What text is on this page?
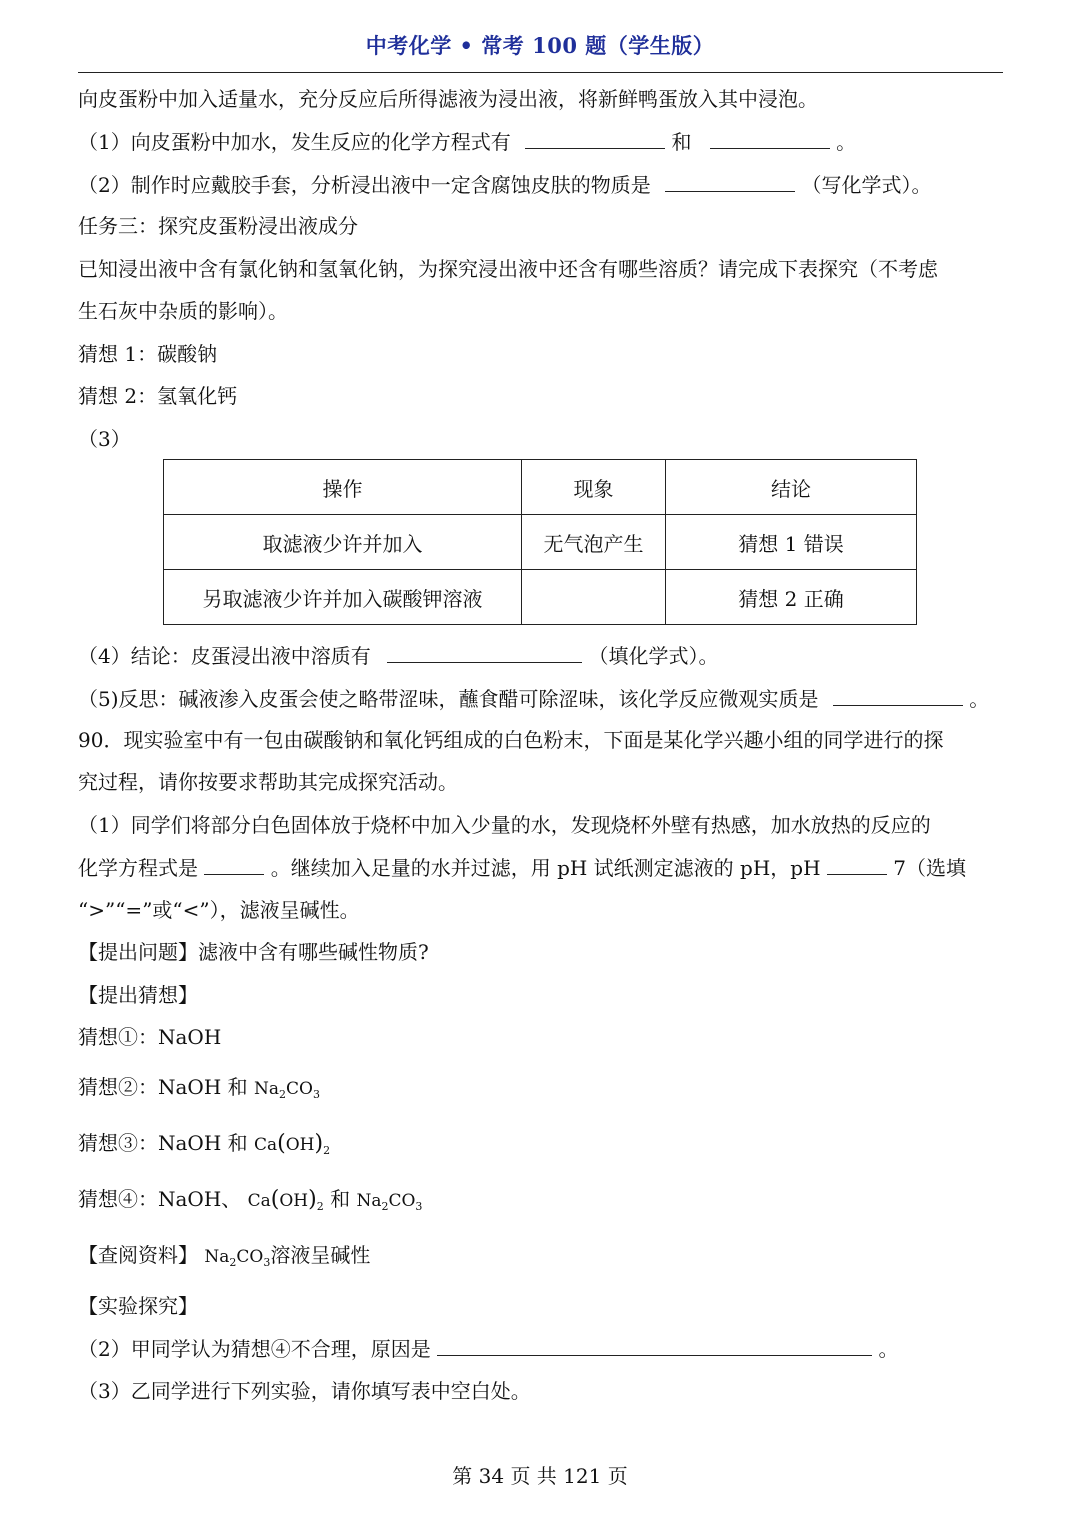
中考化学 • 常考 100 题（学生版）
向皮蛋粉中加入适量水，充分反应后所得滤液为浸出液，将新鲜鸭蛋放入其中浸泡。
（1）向皮蛋粉中加水，发生反应的化学方程式有	和	。
（2）制作时应戴胶手套，分析浸出液中一定含腐蚀皮肤的物质是	（写化学式）。
任务三：探究皮蛋粉浸出液成分
已知浸出液中含有氯化钠和氢氧化钠，为探究浸出液中还含有哪些溶质？请完成下表探究（不考虑
生石灰中杂质的影响）。
猜想 1：碳酸钠
猜想 2：氢氧化钙
（3）
操作	现象	结论
取滤液少许并加入	无气泡产生	猜想 1 错误
另取滤液少许并加入碳酸钾溶液		猜想 2 正确
（4）结论：皮蛋浸出液中溶质有	（填化学式）。
（5)反思：碱液渗入皮蛋会使之略带涩味，蘸食醋可除涩味，该化学反应微观实质是	。
90．现实验室中有一包由碳酸钠和氧化钙组成的白色粉末，下面是某化学兴趣小组的同学进行的探
究过程，请你按要求帮助其完成探究活动。
（1）同学们将部分白色固体放于烧杯中加入少量的水，发现烧杯外壁有热感，加水放热的反应的
化学方程式是	。继续加入足量的水并过滤，用 pH 试纸测定滤液的 pH，pH	7（选填
“>”“=”或“<”），滤液呈碱性。
【提出问题】滤液中含有哪些碱性物质?
【提出猜想】
猜想①：NaOH
猜想②：NaOH 和 $Na_2CO_3$
猜想③：NaOH 和 $Ca(OH)_2$
猜想④：NaOH、 $Ca(OH)_2$ 和 $Na_2CO_3$
【查阅资料】 $Na_2CO_3$溶液呈碱性
【实验探究】
（2）甲同学认为猜想④不合理，原因是	。
（3）乙同学进行下列实验，请你填写表中空白处。
第 34 页 共 121 页
